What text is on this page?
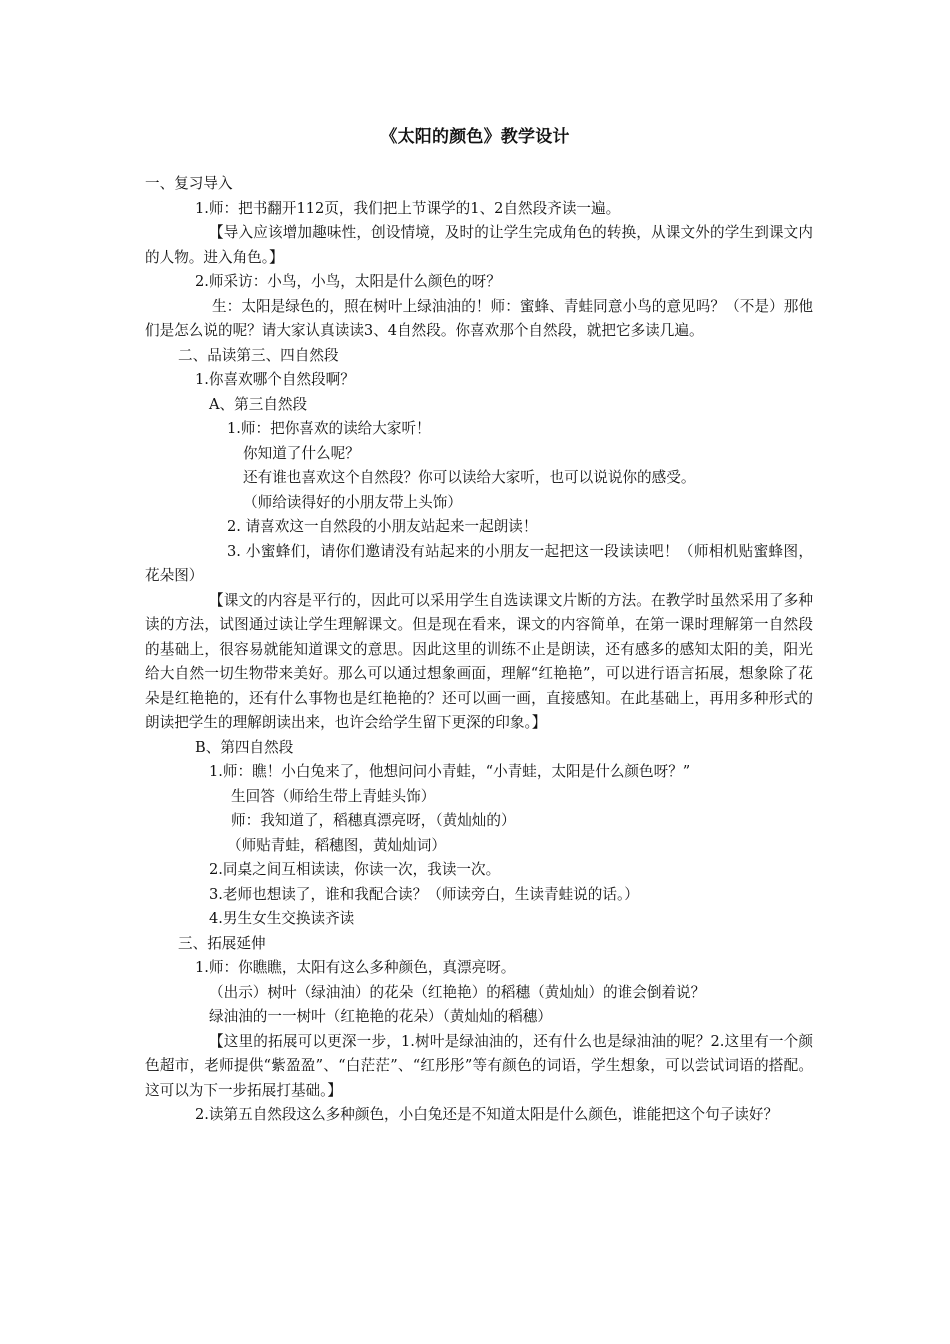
《太阳的颜色》教学设计

一、复习导入

1.师：把书翻开112页，我们把上节课学的1、2自然段齐读一遍。

【导入应该增加趣味性，创设情境，及时的让学生完成角色的转换，从课文外的学生到课文内的人物。进入角色。】

2.师采访：小鸟，小鸟，太阳是什么颜色的呀？

生：太阳是绿色的，照在树叶上绿油油的！师：蜜蜂、青蛙同意小鸟的意见吗？（不是）那他们是怎么说的呢？请大家认真读读3、4自然段。你喜欢那个自然段，就把它多读几遍。

二、品读第三、四自然段

1.你喜欢哪个自然段啊？

A、第三自然段

1.师：把你喜欢的读给大家听！

你知道了什么呢？

还有谁也喜欢这个自然段？你可以读给大家听，也可以说说你的感受。

（师给读得好的小朋友带上头饰）

2. 请喜欢这一自然段的小朋友站起来一起朗读！

3. 小蜜蜂们，请你们邀请没有站起来的小朋友一起把这一段读读吧！（师相机贴蜜蜂图，花朵图）

【课文的内容是平行的，因此可以采用学生自选读课文片断的方法。在教学时虽然采用了多种读的方法，试图通过读让学生理解课文。但是现在看来，课文的内容简单，在第一课时理解第一自然段的基础上，很容易就能知道课文的意思。因此这里的训练不止是朗读，还有感多的感知太阳的美，阳光给大自然一切生物带来美好。那么可以通过想象画面，理解“红艳艳”，可以进行语言拓展，想象除了花朵是红艳艳的，还有什么事物也是红艳艳的？还可以画一画，直接感知。在此基础上，再用多种形式的朗读把学生的理解朗读出来，也许会给学生留下更深的印象。】

B、第四自然段

1.师：瞧！小白兔来了，他想问问小青蛙，“小青蛙，太阳是什么颜色呀？”

生回答（师给生带上青蛙头饰）

师：我知道了，稻穗真漂亮呀，（黄灿灿的）

（师贴青蛙，稻穗图，黄灿灿词）

2.同桌之间互相读读，你读一次，我读一次。

3.老师也想读了，谁和我配合读？（师读旁白，生读青蛙说的话。）

4.男生女生交换读齐读

三、拓展延伸

1.师：你瞧瞧，太阳有这么多种颜色，真漂亮呀。

（出示）树叶（绿油油）的花朵（红艳艳）的稻穗（黄灿灿）的谁会倒着说？

绿油油的一一树叶（红艳艳的花朵）（黄灿灿的稻穗）

【这里的拓展可以更深一步，1.树叶是绿油油的，还有什么也是绿油油的呢？2.这里有一个颜色超市，老师提供“紫盈盈”、“白茫茫”、“红彤彤”等有颜色的词语，学生想象，可以尝试词语的搭配。这可以为下一步拓展打基础。】

2.读第五自然段这么多种颜色，小白兔还是不知道太阳是什么颜色，谁能把这个句子读好？
